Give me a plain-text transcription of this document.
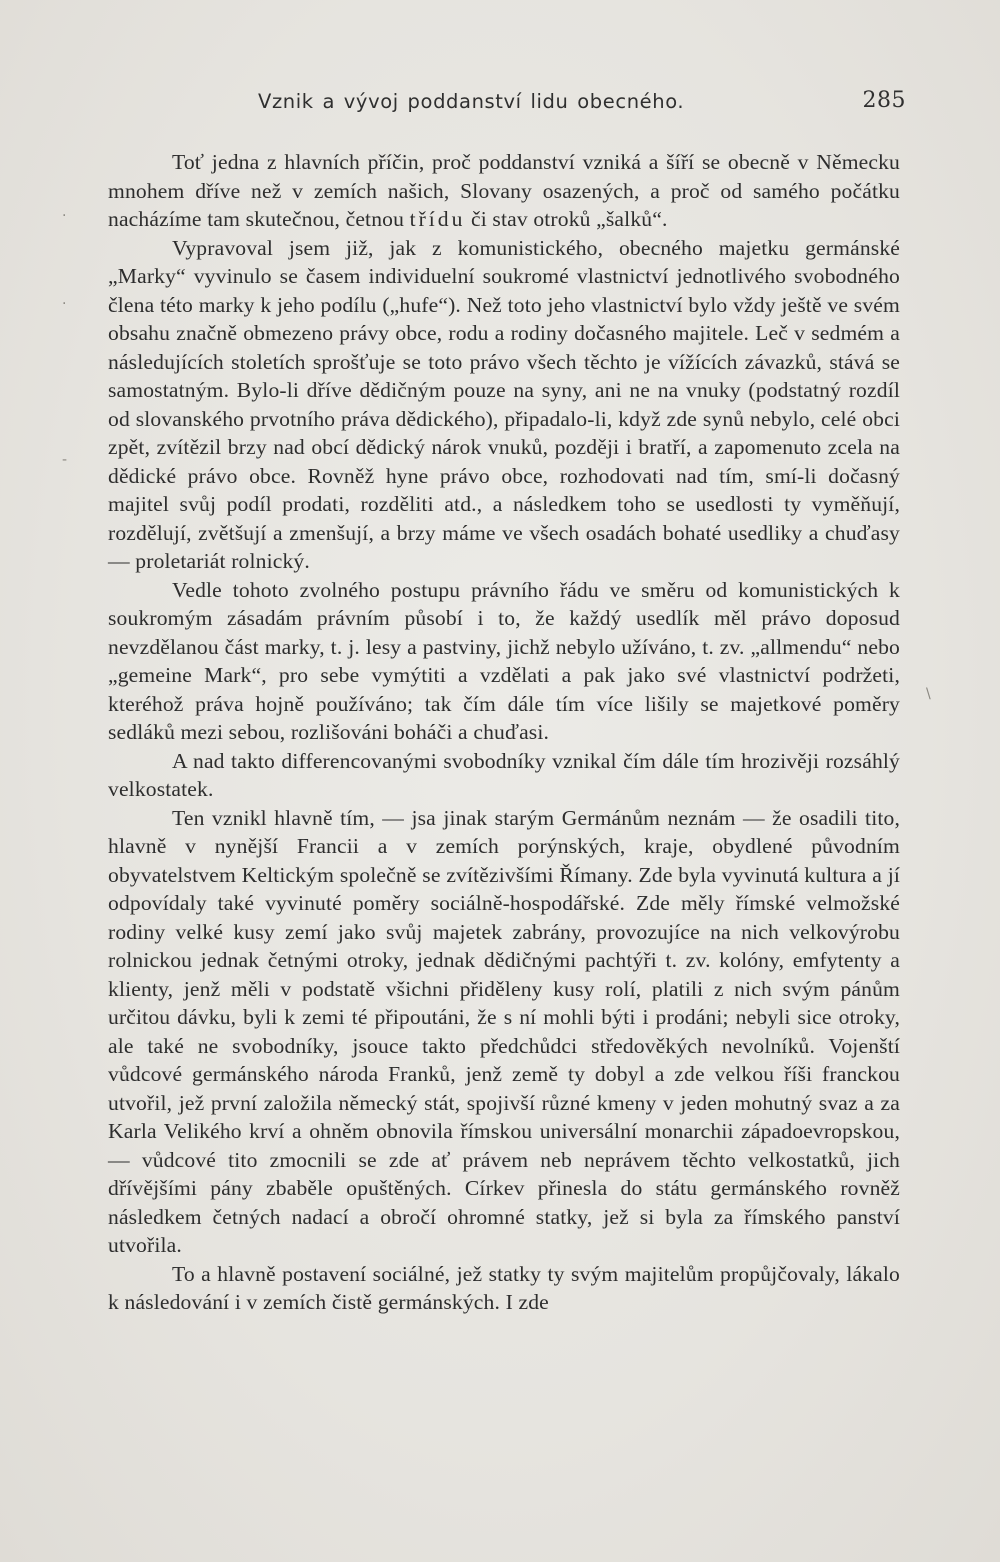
Vznik a vývoj poddanství lidu obecného.	285

Toť jedna z hlavních příčin, proč poddanství vzniká a šíří se obecně v Německu mnohem dříve než v zemích našich, Slovany osazených, a proč od samého počátku nacházíme tam skutečnou, četnou třídu či stav otroků „šalků“.

Vypravoval jsem již, jak z komunistického, obecného majetku germánské „Marky“ vyvinulo se časem individuelní soukromé vlastnictví jednotlivého svobodného člena této marky k jeho podílu („hufe“). Než toto jeho vlastnictví bylo vždy ještě ve svém obsahu značně obmezeno právy obce, rodu a rodiny dočasného majitele. Leč v sedmém a následujících stoletích sprošťuje se toto právo všech těchto je vížících závazků, stává se samostatným. Bylo-li dříve dědičným pouze na syny, ani ne na vnuky (podstatný rozdíl od slovanského prvotního práva dědického), připadalo-li, když zde synů nebylo, celé obci zpět, zvítězil brzy nad obcí dědický nárok vnuků, později i bratří, a zapomenuto zcela na dědické právo obce. Rovněž hyne právo obce, rozhodovati nad tím, smí-li dočasný majitel svůj podíl prodati, rozděliti atd., a následkem toho se usedlosti ty vyměňují, rozdělují, zvětšují a zmenšují, a brzy máme ve všech osadách bohaté usedliky a chuďasy — proletariát rolnický.

Vedle tohoto zvolného postupu právního řádu ve směru od komunistických k soukromým zásadám právním působí i to, že každý usedlík měl právo doposud nevzdělanou část marky, t. j. lesy a pastviny, jichž nebylo užíváno, t. zv. „allmendu“ nebo „gemeine Mark“, pro sebe vymýtiti a vzdělati a pak jako své vlastnictví podržeti, kteréhož práva hojně používáno; tak čím dále tím více lišily se majetkové poměry sedláků mezi sebou, rozlišováni boháči a chuďasi.

A nad takto differencovanými svobodníky vznikal čím dále tím hrozivěji rozsáhlý velkostatek.

Ten vznikl hlavně tím, — jsa jinak starým Germánům neznám — že osadili tito, hlavně v nynější Francii a v zemích porýnských, kraje, obydlené původním obyvatelstvem Keltickým společně se zvítězivšími Římany. Zde byla vyvinutá kultura a jí odpovídaly také vyvinuté poměry sociálně-hospodářské. Zde měly římské velmožské rodiny velké kusy zemí jako svůj majetek zabrány, provozujíce na nich velkovýrobu rolnickou jednak četnými otroky, jednak dědičnými pachtýři t. zv. kolóny, emfytenty a klienty, jenž měli v podstatě všichni přiděleny kusy rolí, platili z nich svým pánům určitou dávku, byli k zemi té připoutáni, že s ní mohli býti i prodáni; nebyli sice otroky, ale také ne svobodníky, jsouce takto předchůdci středověkých nevolníků. Vojenští vůdcové germánského národa Franků, jenž země ty dobyl a zde velkou říši franckou utvořil, jež první založila německý stát, spojivší různé kmeny v jeden mohutný svaz a za Karla Velikého krví a ohněm obnovila římskou universální monarchii západoevropskou, — vůdcové tito zmocnili se zde ať právem neb neprávem těchto velkostatků, jich dřívějšími pány zbaběle opuštěných. Církev přinesla do státu germánského rovněž následkem četných nadací a obročí ohromné statky, jež si byla za římského panství utvořila.

To a hlavně postavení sociálné, jež statky ty svým majitelům propůjčovaly, lákalo k následování i v zemích čistě germánských. I zde

·
·
-
\
